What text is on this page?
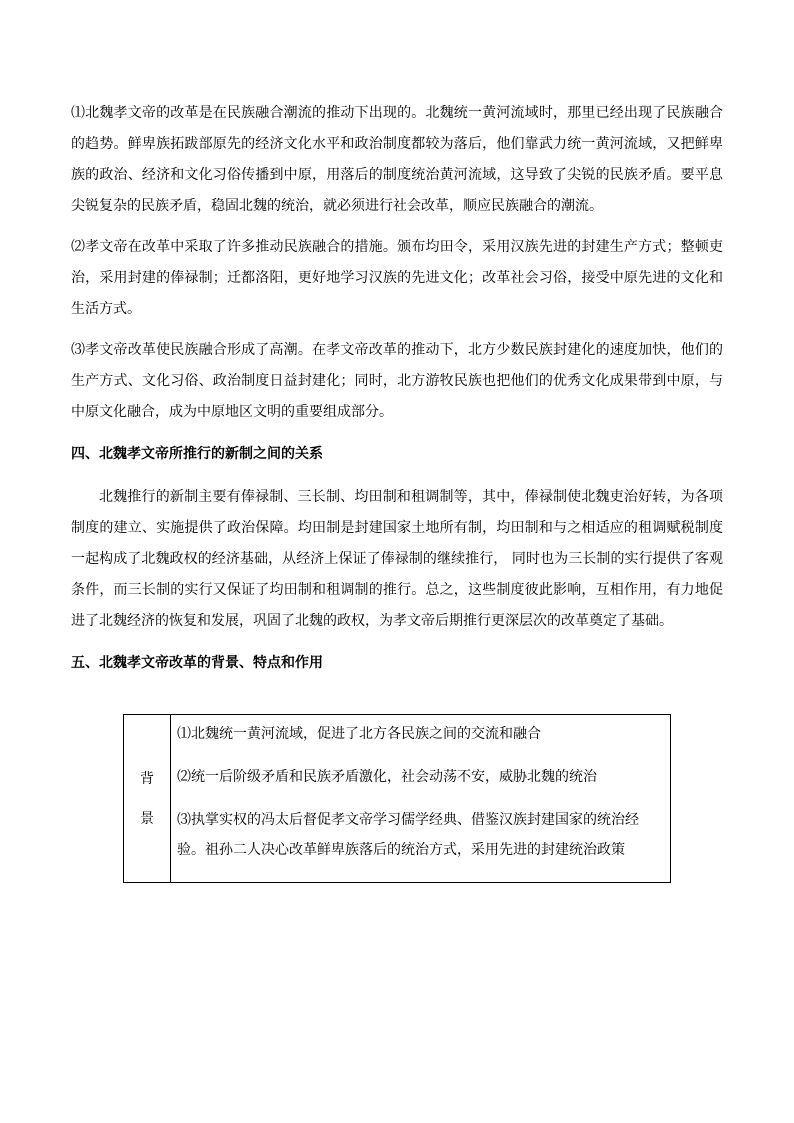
⑴北魏孝文帝的改革是在民族融合潮流的推动下出现的。北魏统一黄河流域时，那里已经出现了民族融合的趋势。鲜卑族拓跋部原先的经济文化水平和政治制度都较为落后，他们靠武力统一黄河流域，又把鲜卑族的政治、经济和文化习俗传播到中原，用落后的制度统治黄河流域，这导致了尖锐的民族矛盾。要平息尖锐复杂的民族矛盾，稳固北魏的统治，就必须进行社会改革，顺应民族融合的潮流。

⑵孝文帝在改革中采取了许多推动民族融合的措施。颁布均田令，采用汉族先进的封建生产方式；整顿吏治，采用封建的俸禄制；迁都洛阳，更好地学习汉族的先进文化；改革社会习俗，接受中原先进的文化和生活方式。

⑶孝文帝改革使民族融合形成了高潮。在孝文帝改革的推动下，北方少数民族封建化的速度加快，他们的生产方式、文化习俗、政治制度日益封建化；同时，北方游牧民族也把他们的优秀文化成果带到中原，与中原文化融合，成为中原地区文明的重要组成部分。

四、北魏孝文帝所推行的新制之间的关系

北魏推行的新制主要有俸禄制、三长制、均田制和租调制等，其中，俸禄制使北魏吏治好转，为各项制度的建立、实施提供了政治保障。均田制是封建国家土地所有制，均田制和与之相适应的租调赋税制度一起构成了北魏政权的经济基础，从经济上保证了俸禄制的继续推行， 同时也为三长制的实行提供了客观条件，而三长制的实行又保证了均田制和租调制的推行。总之，这些制度彼此影响，互相作用，有力地促进了北魏经济的恢复和发展，巩固了北魏的政权，为孝文帝后期推行更深层次的改革奠定了基础。

五、北魏孝文帝改革的背景、特点和作用
背
景

⑴北魏统一黄河流域，促进了北方各民族之间的交流和融合

⑵统一后阶级矛盾和民族矛盾激化，社会动荡不安，威胁北魏的统治

⑶执掌实权的冯太后督促孝文帝学习儒学经典、借鉴汉族封建国家的统治经验。祖孙二人决心改革鲜卑族落后的统治方式，采用先进的封建统治政策
